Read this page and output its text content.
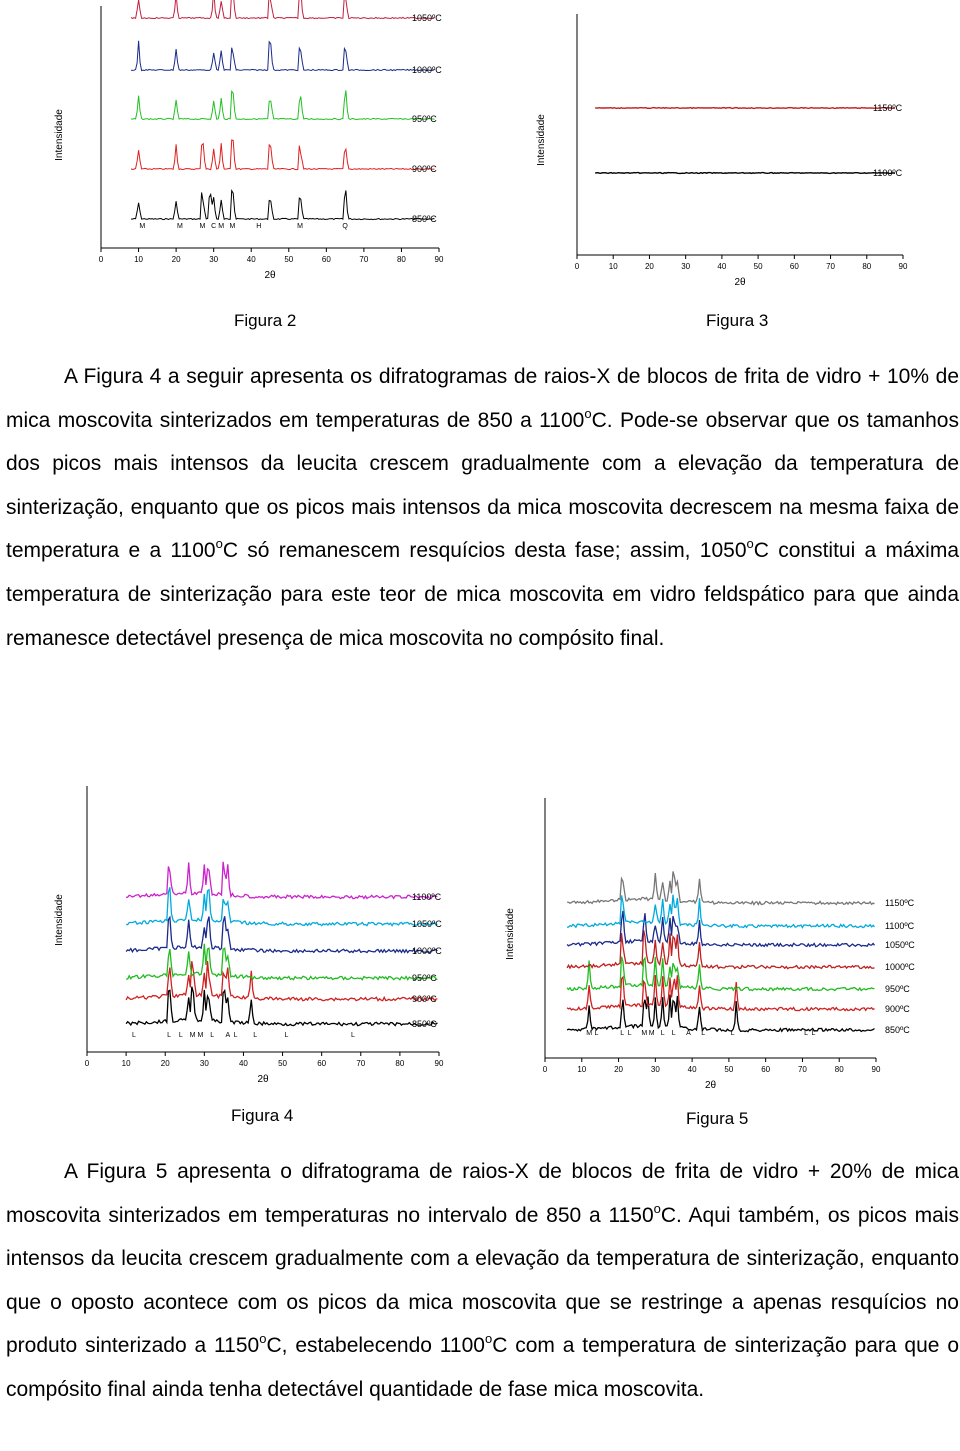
0	10	20	30	40	50	60	70	80	90
2θ
Intensidade
850ºC
900ºC
950ºC
1000ºC
1050ºC
M	M M C M M	H	M	Q
0	10	20	30	40	50	60	70	80	90
2θ
Intensidade
1100ºC
1150ºC
Figura 2	Figura 3
A Figura 4 a seguir apresenta os difratogramas de raios-X de blocos de frita de vidro + 10% de mica moscovita sinterizados em temperaturas de 850 a 1100$^o$C. Pode-se observar que os tamanhos dos picos mais intensos da leucita crescem gradualmente com a elevação da temperatura de sinterização, enquanto que os picos mais intensos da mica moscovita decrescem na mesma faixa de temperatura e a 1100$^o$C só remanescem resquícios desta fase; assim, 1050$^o$C constitui a máxima temperatura de sinterização para este teor de mica moscovita em vidro feldspático para que ainda remanesce detectável presença de mica moscovita no compósito final.
0	10	20	30	40	50	60	70	80	90
2θ
Intensidade
850ºC
900ºC
950ºC
1000ºC
1050ºC
1100ºC
L	L L M M L A L L	L	L
0	10	20	30	40	50	60	70	80	90
2θ
Intensidade
850ºC
900ºC
950ºC
1000ºC
1050ºC
1100ºC
1150ºC
M L	L L M M L L A L	L	L L
Figura 4	Figura 5
A Figura 5 apresenta o difratograma de raios-X de blocos de frita de vidro + 20% de mica moscovita sinterizados em temperaturas no intervalo de 850 a 1150$^o$C. Aqui também, os picos mais intensos da leucita crescem gradualmente com a elevação da temperatura de sinterização, enquanto que o oposto acontece com os picos da mica moscovita que se restringe a apenas resquícios no produto sinterizado a 1150$^o$C, estabelecendo 1100$^o$C com a temperatura de sinterização para que o compósito final ainda tenha detectável quantidade de fase mica moscovita.
